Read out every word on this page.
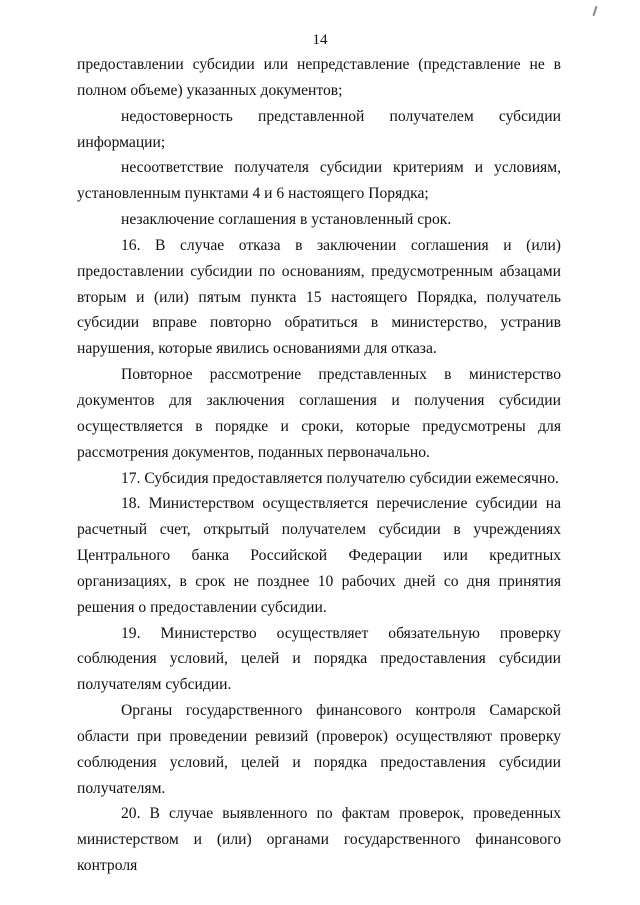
14

предоставлении субсидии или непредставление (представление не в полном объеме) указанных документов;

недостоверность представленной получателем субсидии информации;

несоответствие получателя субсидии критериям и условиям, установленным пунктами 4 и 6 настоящего Порядка;

незаключение соглашения в установленный срок.

16. В случае отказа в заключении соглашения и (или) предоставлении субсидии по основаниям, предусмотренным абзацами вторым и (или) пятым пункта 15 настоящего Порядка, получатель субсидии вправе повторно обратиться в министерство, устранив нарушения, которые явились основаниями для отказа.

Повторное рассмотрение представленных в министерство документов для заключения соглашения и получения субсидии осуществляется в порядке и сроки, которые предусмотрены для рассмотрения документов, поданных первоначально.

17. Субсидия предоставляется получателю субсидии ежемесячно.

18. Министерством осуществляется перечисление субсидии на расчетный счет, открытый получателем субсидии в учреждениях Центрального банка Российской Федерации или кредитных организациях, в срок не позднее 10 рабочих дней со дня принятия решения о предоставлении субсидии.

19. Министерство осуществляет обязательную проверку соблюдения условий, целей и порядка предоставления субсидии получателям субсидии.

Органы государственного финансового контроля Самарской области при проведении ревизий (проверок) осуществляют проверку соблюдения условий, целей и порядка предоставления субсидии получателям.

20. В случае выявленного по фактам проверок, проведенных министерством и (или) органами государственного финансового контроля
